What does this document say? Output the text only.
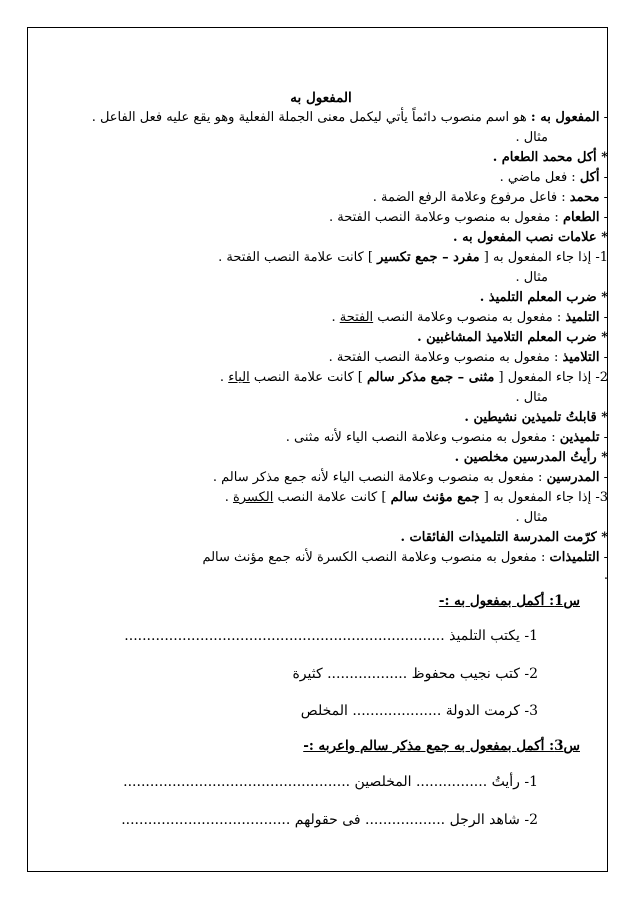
المفعول به
- المفعول به : هو اسم منصوب دائماً يأتي ليكمل معنى الجملة الفعلية وهو يقع عليه فعل الفاعل .
مثال .
* أكل محمد الطعام .
- أكل : فعل ماضي .
- محمد : فاعل مرفوع وعلامة الرفع الضمة .
- الطعام : مفعول به منصوب وعلامة النصب الفتحة .
* علامات نصب المفعول به .
1- إذا جاء المفعول به [ مفرد – جمع تكسير ] كانت علامة النصب الفتحة .
مثال .
* ضرب المعلم التلميذ .
- التلميذ : مفعول به منصوب وعلامة النصب الفتحة .
* ضرب المعلم التلاميذ المشاغبين .
- التلاميذ : مفعول به منصوب وعلامة النصب الفتحة .
2- إذا جاء المفعول [ مثنى – جمع مذكر سالم ] كانت علامة النصب الياء .
مثال .
* قابلتُ تلميذين نشيطين .
- تلميذين : مفعول به منصوب وعلامة النصب الياء لأنه مثنى .
* رأيتُ المدرسين مخلصين .
- المدرسين : مفعول به منصوب وعلامة النصب الياء لأنه جمع مذكر سالم .
3- إذا جاء المفعول به [ جمع مؤنث سالم ] كانت علامة النصب الكسرة .
مثال .
* كرّمت المدرسة التلميذات الفائقات .
- التلميذات : مفعول به منصوب وعلامة النصب الكسرة لأنه جمع مؤنث سالم
.
س1: أكمل بمفعول به :-
1- يكتب التلميذ ........................................................................
2- كتب نجيب محفوظ .................. كثيرة
3- كرمت الدولة .................... المخلص
س3: أكمل بمفعول به جمع مذكر سالم واعربه :-
1- رأيتُ ................ المخلصين ...................................................
2- شاهد الرجل .................. فى حقولهم ......................................
